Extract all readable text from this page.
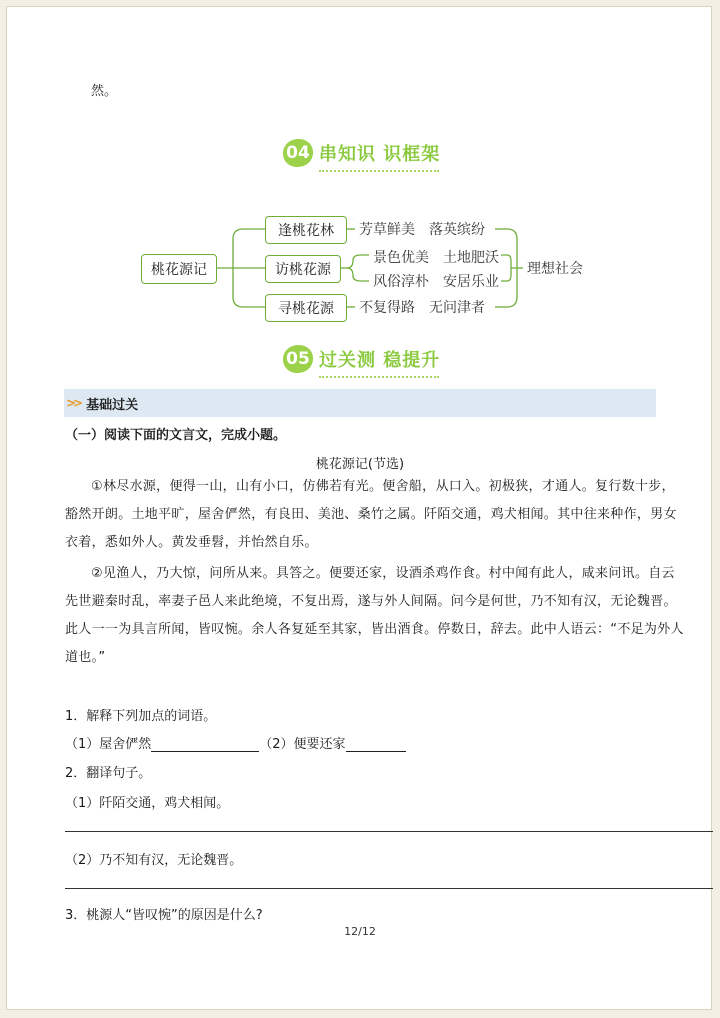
然。
04 串知识 识框架
桃花源记
逢桃花林
访桃花源
寻桃花源
芳草鲜美　落英缤纷
景色优美　土地肥沃
风俗淳朴　安居乐业
不复得路　无问津者
理想社会
05 过关测 稳提升
>> 基础过关
（一）阅读下面的文言文，完成小题。
桃花源记(节选)
①林尽水源，便得一山，山有小口，仿佛若有光。便舍船，从口入。初极狭，才通人。复行数十步，
豁然开朗。土地平旷，屋舍俨然，有良田、美池、桑竹之属。阡陌交通，鸡犬相闻。其中往来种作，男女
衣着，悉如外人。黄发垂髫，并怡然自乐。
②见渔人，乃大惊，问所从来。具答之。便要还家，设酒杀鸡作食。村中闻有此人，咸来问讯。自云
先世避秦时乱，率妻子邑人来此绝境，不复出焉，遂与外人间隔。问今是何世，乃不知有汉，无论魏晋。
此人一一为具言所闻，皆叹惋。余人各复延至其家，皆出酒食。停数日，辞去。此中人语云：“不足为外人
道也。”
1．解释下列加点的词语。
（1）屋舍俨然	（2）便要还家
2．翻译句子。
（1）阡陌交通，鸡犬相闻。
（2）乃不知有汉，无论魏晋。
3．桃源人“皆叹惋”的原因是什么?
12/12
